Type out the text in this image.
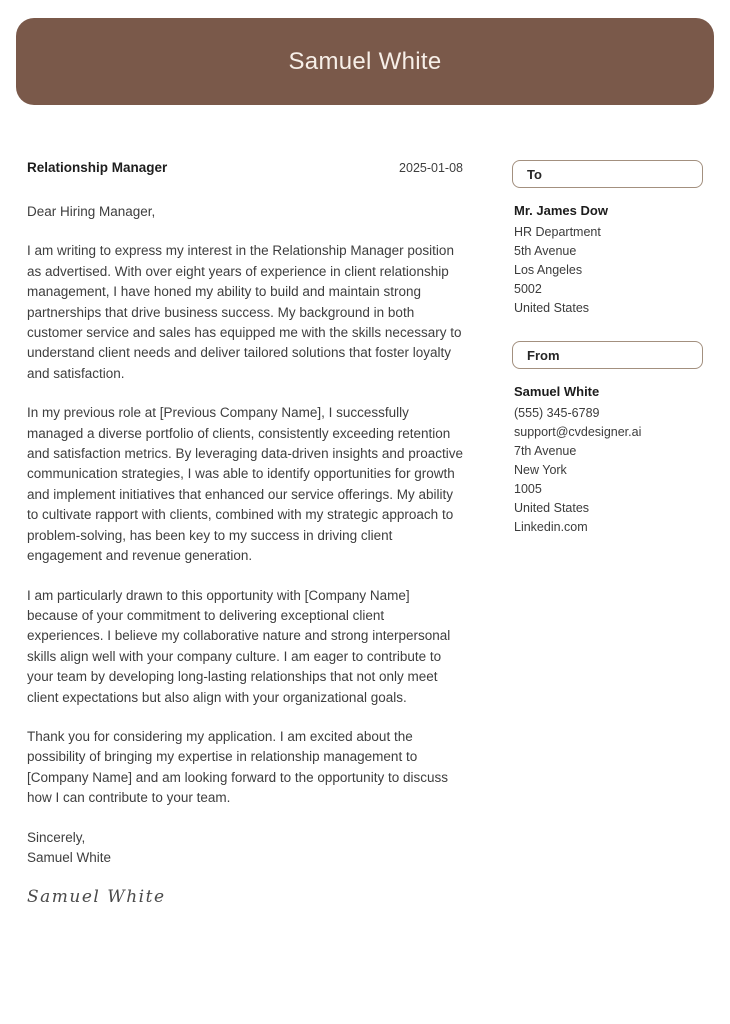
Samuel White
Relationship Manager	2025-01-08

Dear Hiring Manager,

I am writing to express my interest in the Relationship Manager position as advertised. With over eight years of experience in client relationship management, I have honed my ability to build and maintain strong partnerships that drive business success. My background in both customer service and sales has equipped me with the skills necessary to understand client needs and deliver tailored solutions that foster loyalty and satisfaction.

In my previous role at [Previous Company Name], I successfully managed a diverse portfolio of clients, consistently exceeding retention and satisfaction metrics. By leveraging data-driven insights and proactive communication strategies, I was able to identify opportunities for growth and implement initiatives that enhanced our service offerings. My ability to cultivate rapport with clients, combined with my strategic approach to problem-solving, has been key to my success in driving client engagement and revenue generation.

I am particularly drawn to this opportunity with [Company Name] because of your commitment to delivering exceptional client experiences. I believe my collaborative nature and strong interpersonal skills align well with your company culture. I am eager to contribute to your team by developing long-lasting relationships that not only meet client expectations but also align with your organizational goals.

Thank you for considering my application. I am excited about the possibility of bringing my expertise in relationship management to [Company Name] and am looking forward to the opportunity to discuss how I can contribute to your team.

Sincerely,
Samuel White

Samuel White
To
Mr. James Dow
HR Department
5th Avenue
Los Angeles
5002
United States
From
Samuel White
(555) 345-6789
support@cvdesigner.ai
7th Avenue
New York
1005
United States
Linkedin.com
